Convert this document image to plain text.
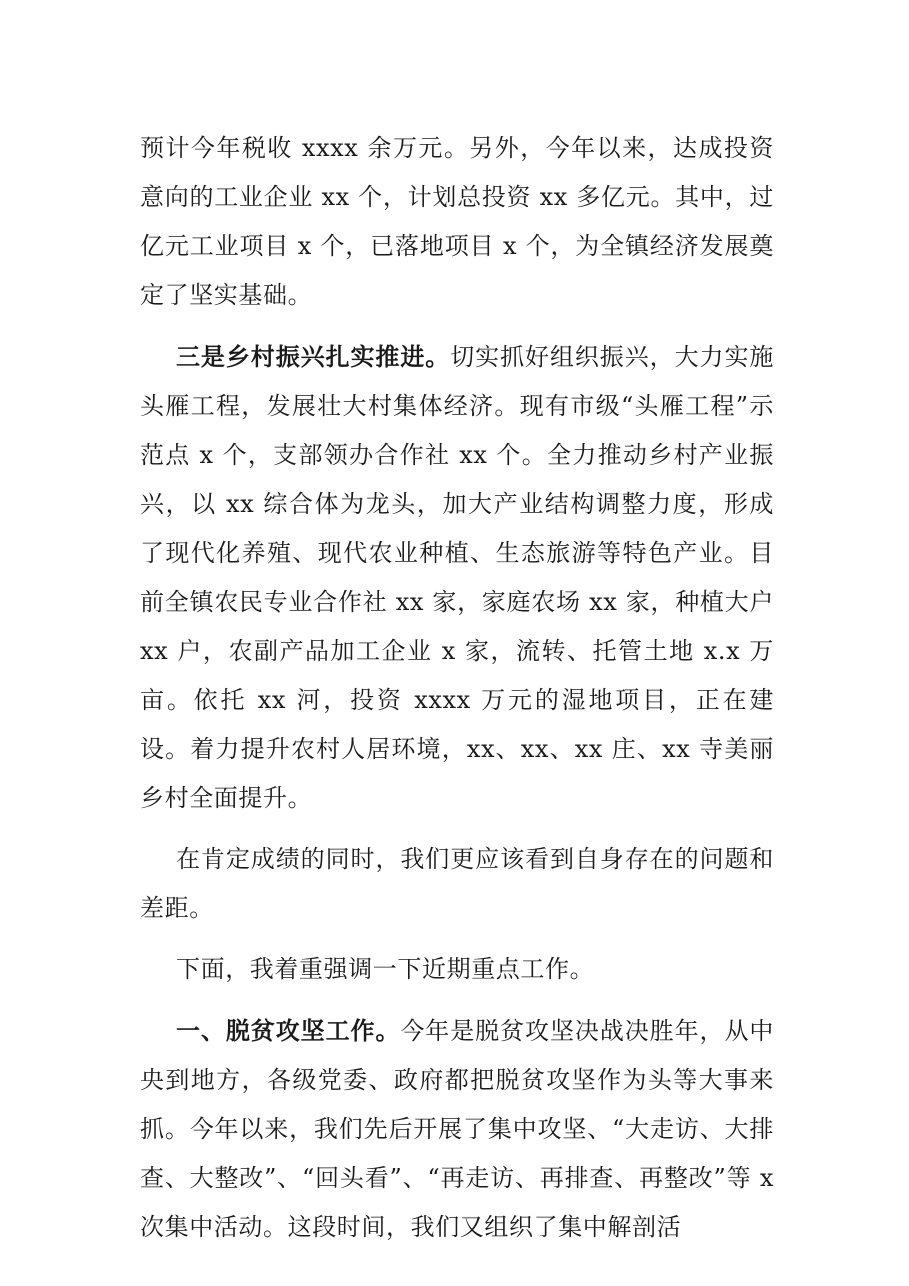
预计今年税收 xxxx 余万元。另外，今年以来，达成投资意向的工业企业 xx 个，计划总投资 xx 多亿元。其中，过亿元工业项目 x 个，已落地项目 x 个，为全镇经济发展奠定了坚实基础。

三是乡村振兴扎实推进。切实抓好组织振兴，大力实施头雁工程，发展壮大村集体经济。现有市级“头雁工程”示范点 x 个，支部领办合作社 xx 个。全力推动乡村产业振兴，以 xx 综合体为龙头，加大产业结构调整力度，形成了现代化养殖、现代农业种植、生态旅游等特色产业。目前全镇农民专业合作社 xx 家，家庭农场 xx 家，种植大户 xx 户，农副产品加工企业 x 家，流转、托管土地 x.x 万亩。依托 xx 河，投资 xxxx 万元的湿地项目，正在建设。着力提升农村人居环境，xx、xx、xx 庄、xx 寺美丽乡村全面提升。

在肯定成绩的同时，我们更应该看到自身存在的问题和差距。

下面，我着重强调一下近期重点工作。

一、脱贫攻坚工作。今年是脱贫攻坚决战决胜年，从中央到地方，各级党委、政府都把脱贫攻坚作为头等大事来抓。今年以来，我们先后开展了集中攻坚、“大走访、大排查、大整改”、“回头看”、“再走访、再排查、再整改”等 x 次集中活动。这段时间，我们又组织了集中解剖活
